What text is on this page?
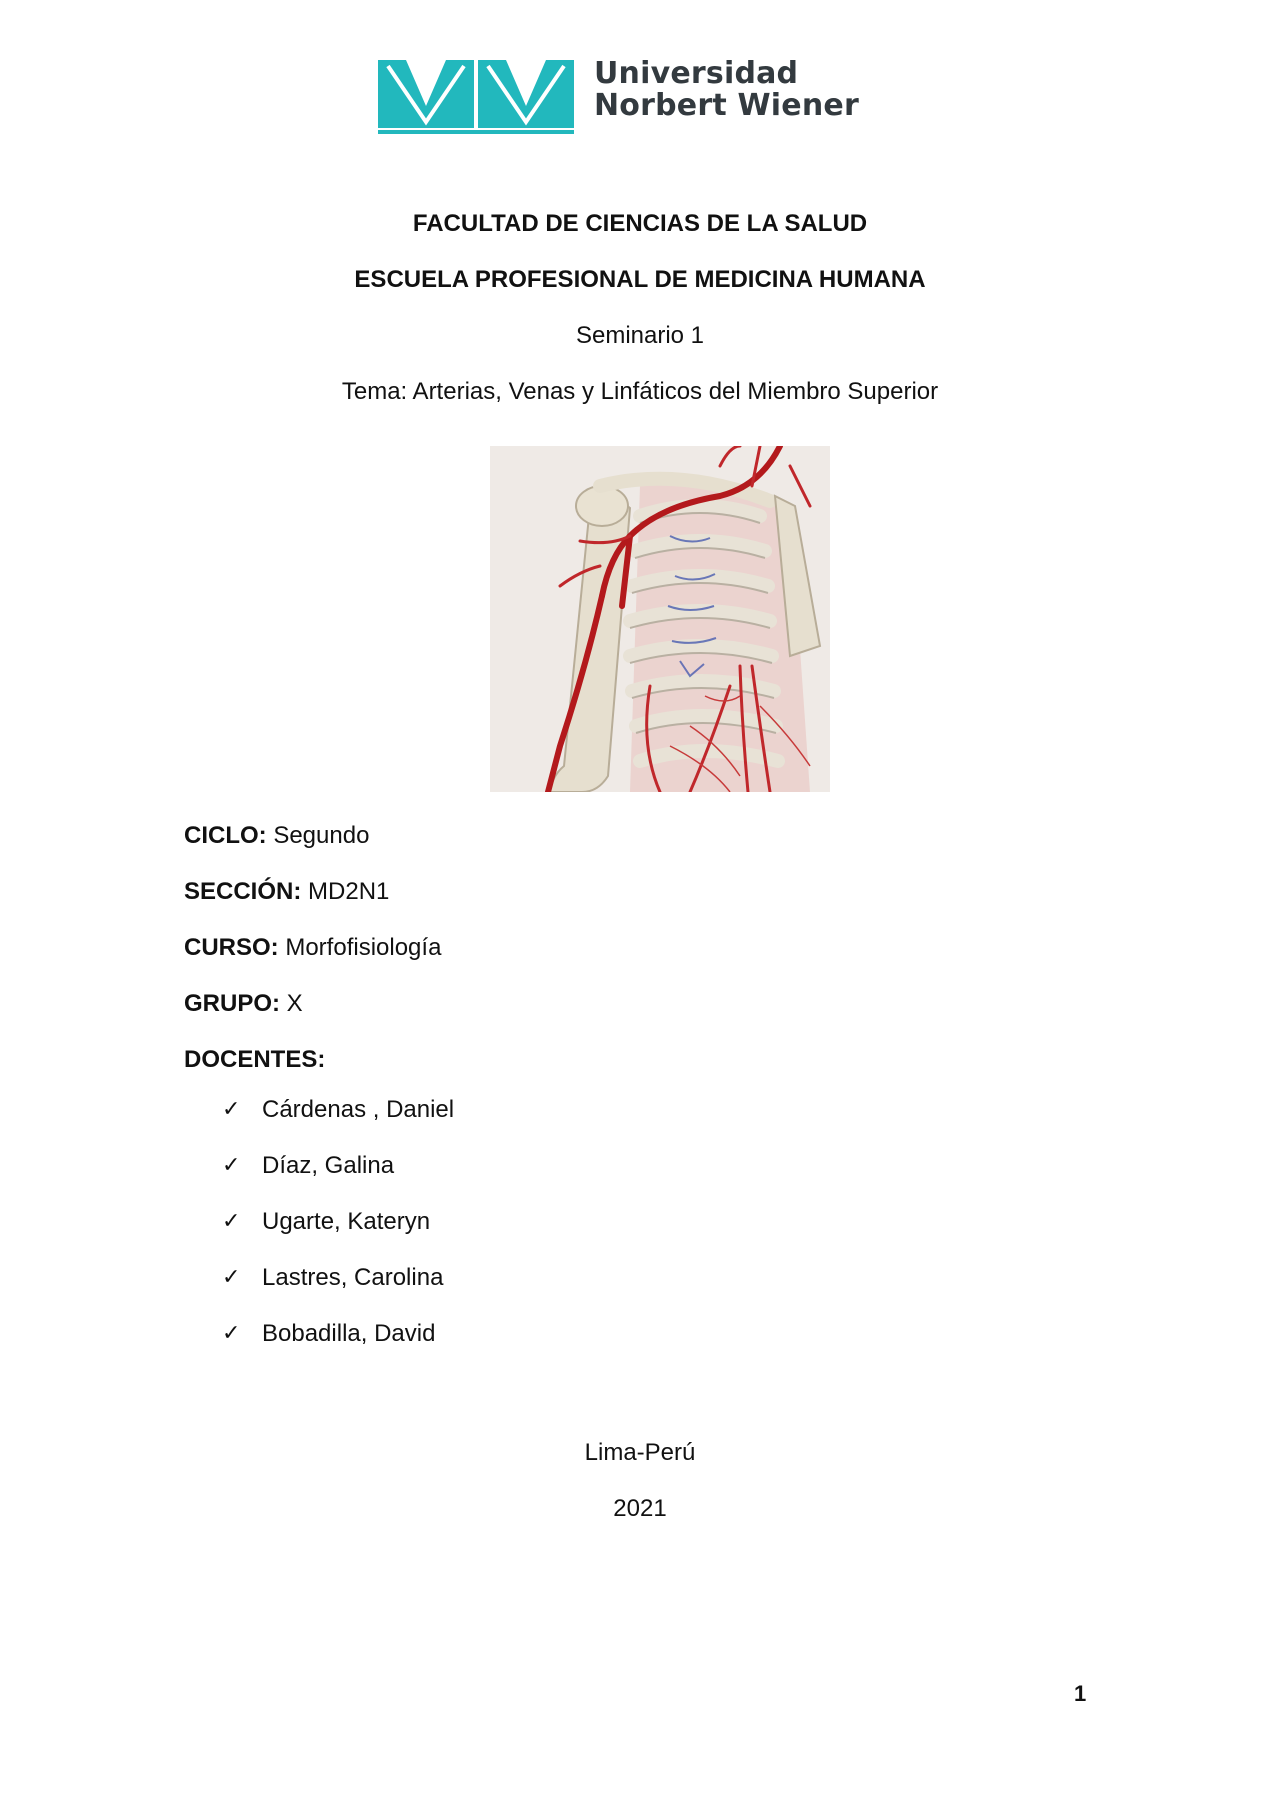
Universidad
Norbert Wiener
FACULTAD DE CIENCIAS DE LA SALUD
ESCUELA PROFESIONAL DE MEDICINA HUMANA
Seminario 1
Tema: Arterias, Venas y Linfáticos del Miembro Superior
CICLO: Segundo
SECCIÓN: MD2N1
CURSO: Morfofisiología
GRUPO: X
DOCENTES:
✓ Cárdenas , Daniel
✓ Díaz, Galina
✓ Ugarte, Kateryn
✓ Lastres, Carolina
✓ Bobadilla, David
Lima-Perú
2021
1
